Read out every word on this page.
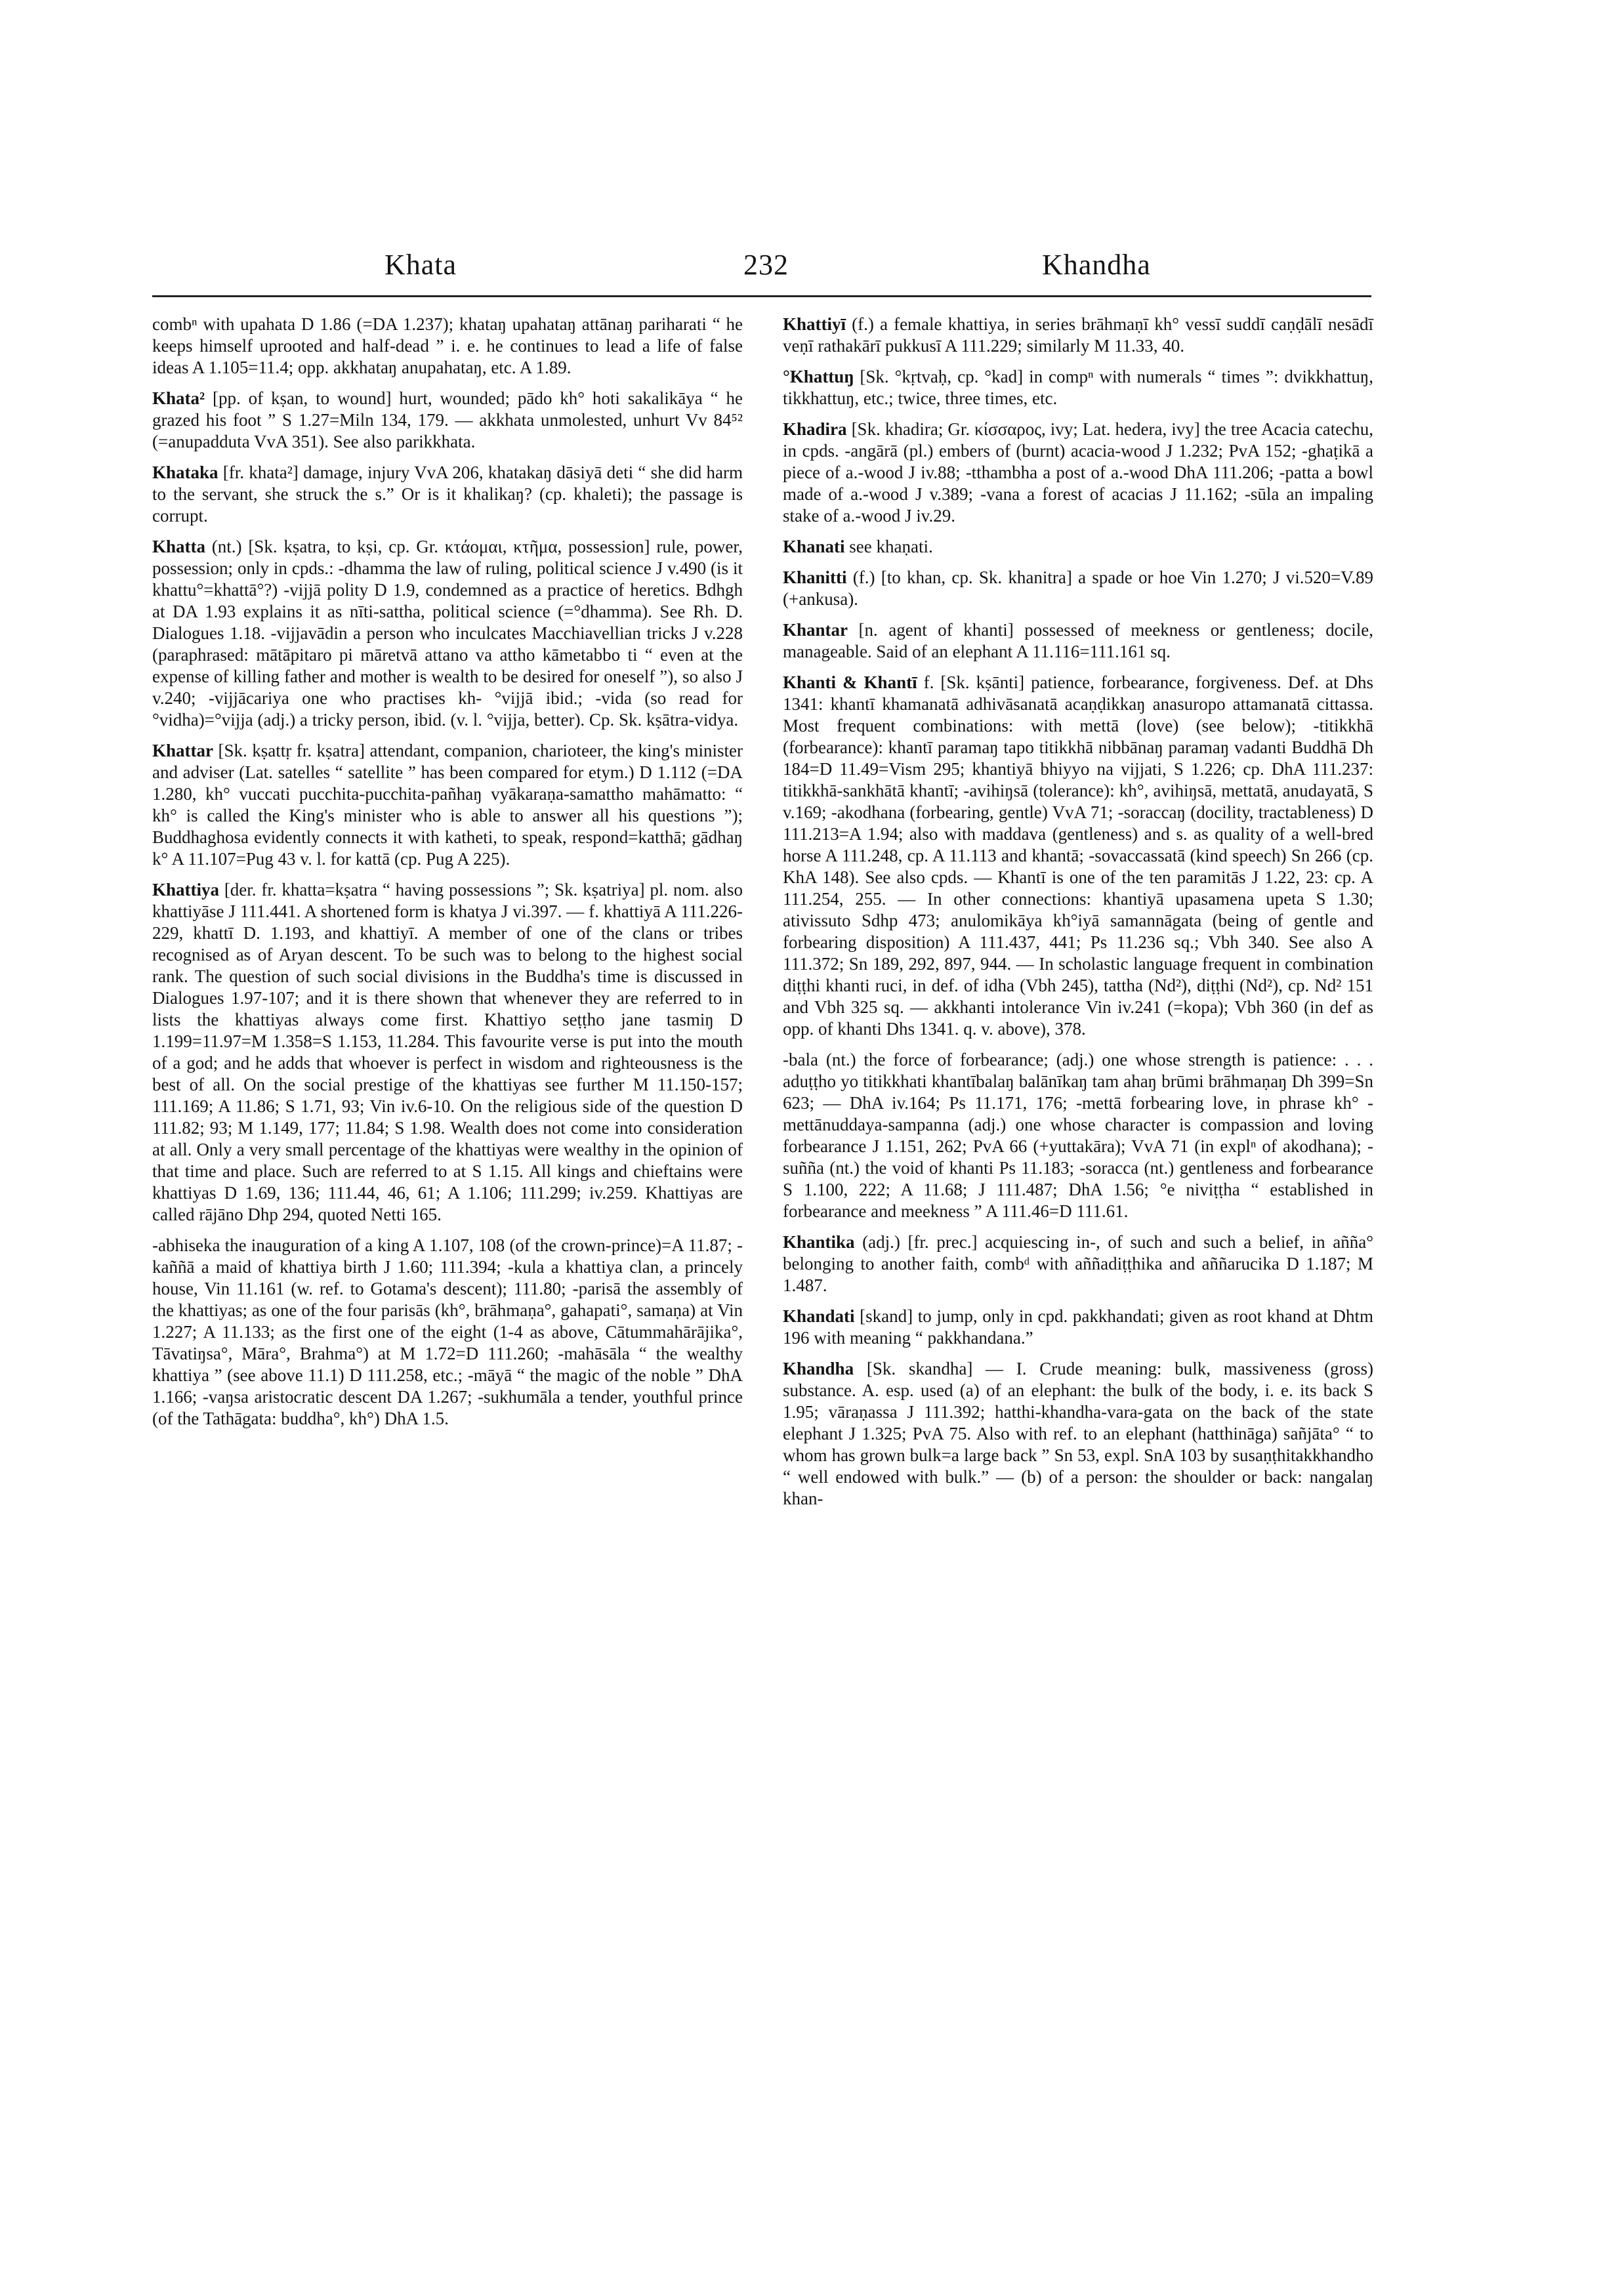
Khata	232	Khandha

combⁿ with upahata D 1.86 (=DA 1.237); khataŋ upahataŋ attānaŋ pariharati “ he keeps himself uprooted and half-dead ” i. e. he continues to lead a life of false ideas A 1.105=11.4; opp. akkhataŋ anupahataŋ, etc. A 1.89.

Khata² [pp. of kṣan, to wound] hurt, wounded; pādo kh° hoti sakalikāya “ he grazed his foot ” S 1.27=Miln 134, 179. — akkhata unmolested, unhurt Vv 84⁵² (=anupadduta VvA 351). See also parikkhata.

Khataka [fr. khata²] damage, injury VvA 206, khatakaŋ dāsiyā deti “ she did harm to the servant, she struck the s.” Or is it khalikaŋ? (cp. khaleti); the passage is corrupt.

Khatta (nt.) [Sk. kṣatra, to kṣi, cp. Gr. κτάομαι, κτῆμα, possession] rule, power, possession; only in cpds.: -dhamma the law of ruling, political science J v.490 (is it khattu°=khattā°?) -vijjā polity D 1.9, condemned as a practice of heretics. Bdhgh at DA 1.93 explains it as nīti-sattha, political science (=°dhamma). See Rh. D. Dialogues 1.18. -vijjavādin a person who inculcates Macchiavellian tricks J v.228 (paraphrased: mātāpitaro pi māretvā attano va attho kāmetabbo ti “ even at the expense of killing father and mother is wealth to be desired for oneself ”), so also J v.240; -vijjācariya one who practises kh- °vijjā ibid.; -vida (so read for °vidha)=°vijja (adj.) a tricky person, ibid. (v. l. °vijja, better). Cp. Sk. kṣātra-vidya.

Khattar [Sk. kṣattṛ fr. kṣatra] attendant, companion, charioteer, the king's minister and adviser (Lat. satelles “ satellite ” has been compared for etym.) D 1.112 (=DA 1.280, kh° vuccati pucchita-pucchita-pañhaŋ vyākaraṇa-samattho mahāmatto: “ kh° is called the King's minister who is able to answer all his questions ”); Buddhaghosa evidently connects it with katheti, to speak, respond=katthā; gādhaŋ k° A 11.107=Pug 43 v. l. for kattā (cp. Pug A 225).

Khattiya [der. fr. khatta=kṣatra “ having possessions ”; Sk. kṣatriya] pl. nom. also khattiyāse J 111.441. A shortened form is khatya J vi.397. — f. khattiyā A 111.226-229, khattī D. 1.193, and khattiyī. A member of one of the clans or tribes recognised as of Aryan descent. To be such was to belong to the highest social rank. The question of such social divisions in the Buddha's time is discussed in Dialogues 1.97-107; and it is there shown that whenever they are referred to in lists the khattiyas always come first. Khattiyo seṭṭho jane tasmiŋ D 1.199=11.97=M 1.358=S 1.153, 11.284. This favourite verse is put into the mouth of a god; and he adds that whoever is perfect in wisdom and righteousness is the best of all. On the social prestige of the khattiyas see further M 11.150-157; 111.169; A 11.86; S 1.71, 93; Vin iv.6-10. On the religious side of the question D 111.82; 93; M 1.149, 177; 11.84; S 1.98. Wealth does not come into consideration at all. Only a very small percentage of the khattiyas were wealthy in the opinion of that time and place. Such are referred to at S 1.15. All kings and chieftains were khattiyas D 1.69, 136; 111.44, 46, 61; A 1.106; 111.299; iv.259. Khattiyas are called rājāno Dhp 294, quoted Netti 165.

-abhiseka the inauguration of a king A 1.107, 108 (of the crown-prince)=A 11.87; -kaññā a maid of khattiya birth J 1.60; 111.394; -kula a khattiya clan, a princely house, Vin 11.161 (w. ref. to Gotama's descent); 111.80; -parisā the assembly of the khattiyas; as one of the four parisās (kh°, brāhmaṇa°, gahapati°, samaṇa) at Vin 1.227; A 11.133; as the first one of the eight (1-4 as above, Cātummahārājika°, Tāvatiŋsa°, Māra°, Brahma°) at M 1.72=D 111.260; -mahāsāla “ the wealthy khattiya ” (see above 11.1) D 111.258, etc.; -māyā “ the magic of the noble ” DhA 1.166; -vaŋsa aristocratic descent DA 1.267; -sukhumāla a tender, youthful prince (of the Tathāgata: buddha°, kh°) DhA 1.5.

Khattiyī (f.) a female khattiya, in series brāhmaṇī kh° vessī suddī caṇḍālī nesādī veṇī rathakārī pukkusī A 111.229; similarly M 11.33, 40.

°Khattuŋ [Sk. °kṛtvaḥ, cp. °kad] in compⁿ with numerals “ times ”: dvikkhattuŋ, tikkhattuŋ, etc.; twice, three times, etc.

Khadira [Sk. khadira; Gr. κίσσαρος, ivy; Lat. hedera, ivy] the tree Acacia catechu, in cpds. -angārā (pl.) embers of (burnt) acacia-wood J 1.232; PvA 152; -ghaṭikā a piece of a.-wood J iv.88; -tthambha a post of a.-wood DhA 111.206; -patta a bowl made of a.-wood J v.389; -vana a forest of acacias J 11.162; -sūla an impaling stake of a.-wood J iv.29.

Khanati see khaṇati.

Khanitti (f.) [to khan, cp. Sk. khanitra] a spade or hoe Vin 1.270; J vi.520=V.89 (+ankusa).

Khantar [n. agent of khanti] possessed of meekness or gentleness; docile, manageable. Said of an elephant A 11.116=111.161 sq.

Khanti & Khantī f. [Sk. kṣānti] patience, forbearance, forgiveness. Def. at Dhs 1341: khantī khamanatā adhivāsanatā acaṇḍikkaŋ anasuropo attamanatā cittassa. Most frequent combinations: with mettā (love) (see below); -titikkhā (forbearance): khantī paramaŋ tapo titikkhā nibbānaŋ paramaŋ vadanti Buddhā Dh 184=D 11.49=Vism 295; khantiyā bhiyyo na vijjati, S 1.226; cp. DhA 111.237: titikkhā-sankhātā khantī; -avihiŋsā (tolerance): kh°, avihiŋsā, mettatā, anudayatā, S v.169; -akodhana (forbearing, gentle) VvA 71; -soraccaŋ (docility, tractableness) D 111.213=A 1.94; also with maddava (gentleness) and s. as quality of a well-bred horse A 111.248, cp. A 11.113 and khantā; -sovaccassatā (kind speech) Sn 266 (cp. KhA 148). See also cpds. — Khantī is one of the ten paramitās J 1.22, 23: cp. A 111.254, 255. — In other connections: khantiyā upasamena upeta S 1.30; ativissuto Sdhp 473; anulomikāya kh°iyā samannāgata (being of gentle and forbearing disposition) A 111.437, 441; Ps 11.236 sq.; Vbh 340. See also A 111.372; Sn 189, 292, 897, 944. — In scholastic language frequent in combination diṭṭhi khanti ruci, in def. of idha (Vbh 245), tattha (Nd²), diṭṭhi (Nd²), cp. Nd² 151 and Vbh 325 sq. — akkhanti intolerance Vin iv.241 (=kopa); Vbh 360 (in def as opp. of khanti Dhs 1341. q. v. above), 378.

-bala (nt.) the force of forbearance; (adj.) one whose strength is patience: . . . aduṭṭho yo titikkhati khantībalaŋ balānīkaŋ tam ahaŋ brūmi brāhmaṇaŋ Dh 399=Sn 623; — DhA iv.164; Ps 11.171, 176; -mettā forbearing love, in phrase kh° -mettānuddaya-sampanna (adj.) one whose character is compassion and loving forbearance J 1.151, 262; PvA 66 (+yuttakāra); VvA 71 (in explⁿ of akodhana); -suñña (nt.) the void of khanti Ps 11.183; -soracca (nt.) gentleness and forbearance S 1.100, 222; A 11.68; J 111.487; DhA 1.56; °e niviṭṭha “ established in forbearance and meekness ” A 111.46=D 111.61.

Khantika (adj.) [fr. prec.] acquiescing in-, of such and such a belief, in añña° belonging to another faith, combᵈ with aññadiṭṭhika and aññarucika D 1.187; M 1.487.

Khandati [skand] to jump, only in cpd. pakkhandati; given as root khand at Dhtm 196 with meaning “ pakkhandana.”

Khandha [Sk. skandha] — I. Crude meaning: bulk, massiveness (gross) substance. A. esp. used (a) of an elephant: the bulk of the body, i. e. its back S 1.95; vāraṇassa J 111.392; hatthi-khandha-vara-gata on the back of the state elephant J 1.325; PvA 75. Also with ref. to an elephant (hatthināga) sañjāta° “ to whom has grown bulk=a large back ” Sn 53, expl. SnA 103 by susaṇṭhitakkhandho “ well endowed with bulk.” — (b) of a person: the shoulder or back: nangalaŋ khan-
